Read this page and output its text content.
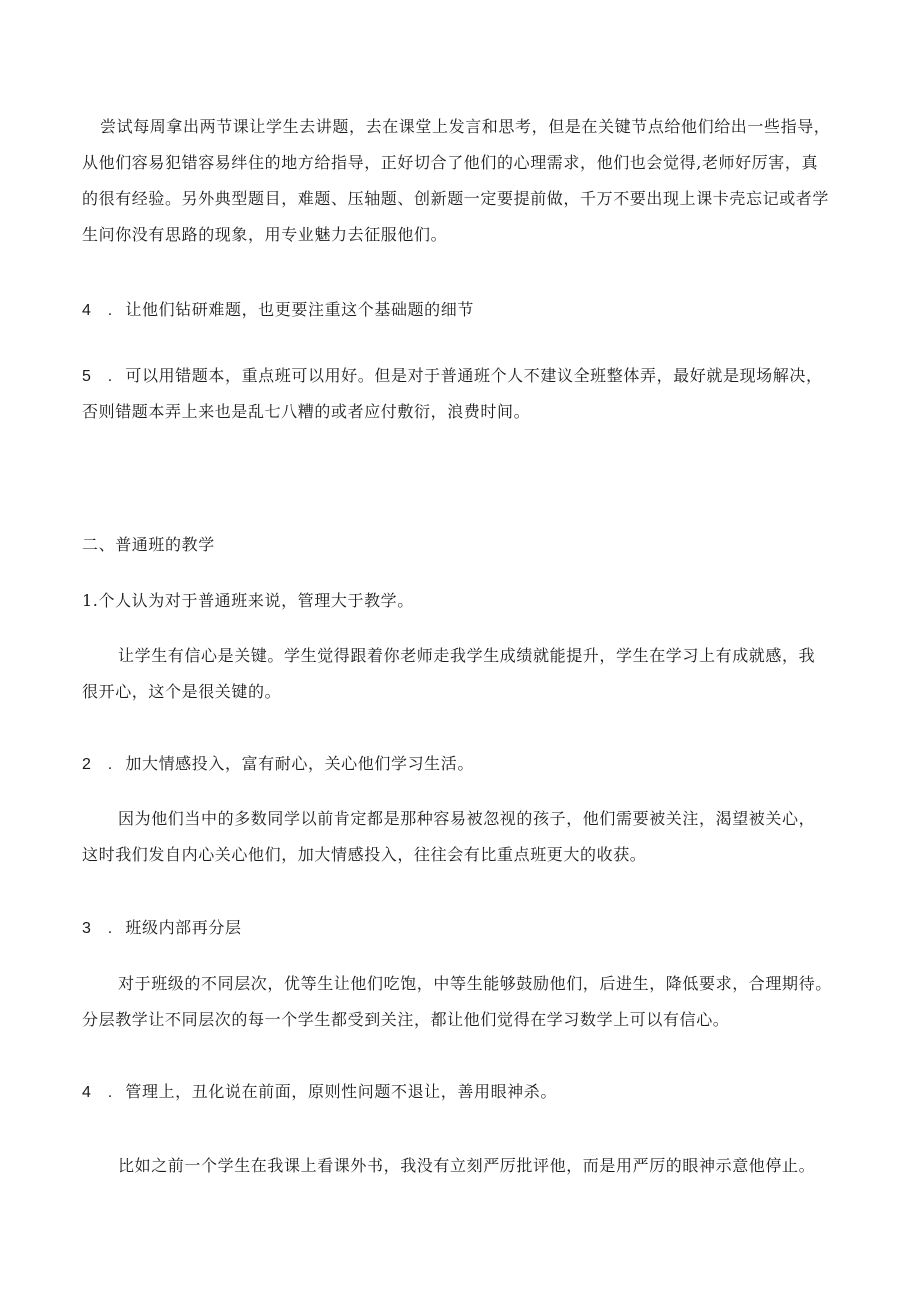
尝试每周拿出两节课让学生去讲题，去在课堂上发言和思考，但是在关键节点给他们给出一些指导，
从他们容易犯错容易绊住的地方给指导，正好切合了他们的心理需求，他们也会觉得,老师好厉害，真
的很有经验。另外典型题目，难题、压轴题、创新题一定要提前做，千万不要出现上课卡壳忘记或者学
生问你没有思路的现象，用专业魅力去征服他们。
4 . 让他们钻研难题，也更要注重这个基础题的细节
5 . 可以用错题本，重点班可以用好。但是对于普通班个人不建议全班整体弄，最好就是现场解决，
否则错题本弄上来也是乱七八糟的或者应付敷衍，浪费时间。
二、普通班的教学
1.个人认为对于普通班来说，管理大于教学。
让学生有信心是关键。学生觉得跟着你老师走我学生成绩就能提升，学生在学习上有成就感，我
很开心，这个是很关键的。
2 . 加大情感投入，富有耐心，关心他们学习生活。
因为他们当中的多数同学以前肯定都是那种容易被忽视的孩子，他们需要被关注，渴望被关心，
这时我们发自内心关心他们，加大情感投入，往往会有比重点班更大的收获。
3 . 班级内部再分层
对于班级的不同层次，优等生让他们吃饱，中等生能够鼓励他们，后进生，降低要求，合理期待。
分层教学让不同层次的每一个学生都受到关注，都让他们觉得在学习数学上可以有信心。
4 . 管理上，丑化说在前面，原则性问题不退让，善用眼神杀。
比如之前一个学生在我课上看课外书，我没有立刻严厉批评他，而是用严厉的眼神示意他停止。
